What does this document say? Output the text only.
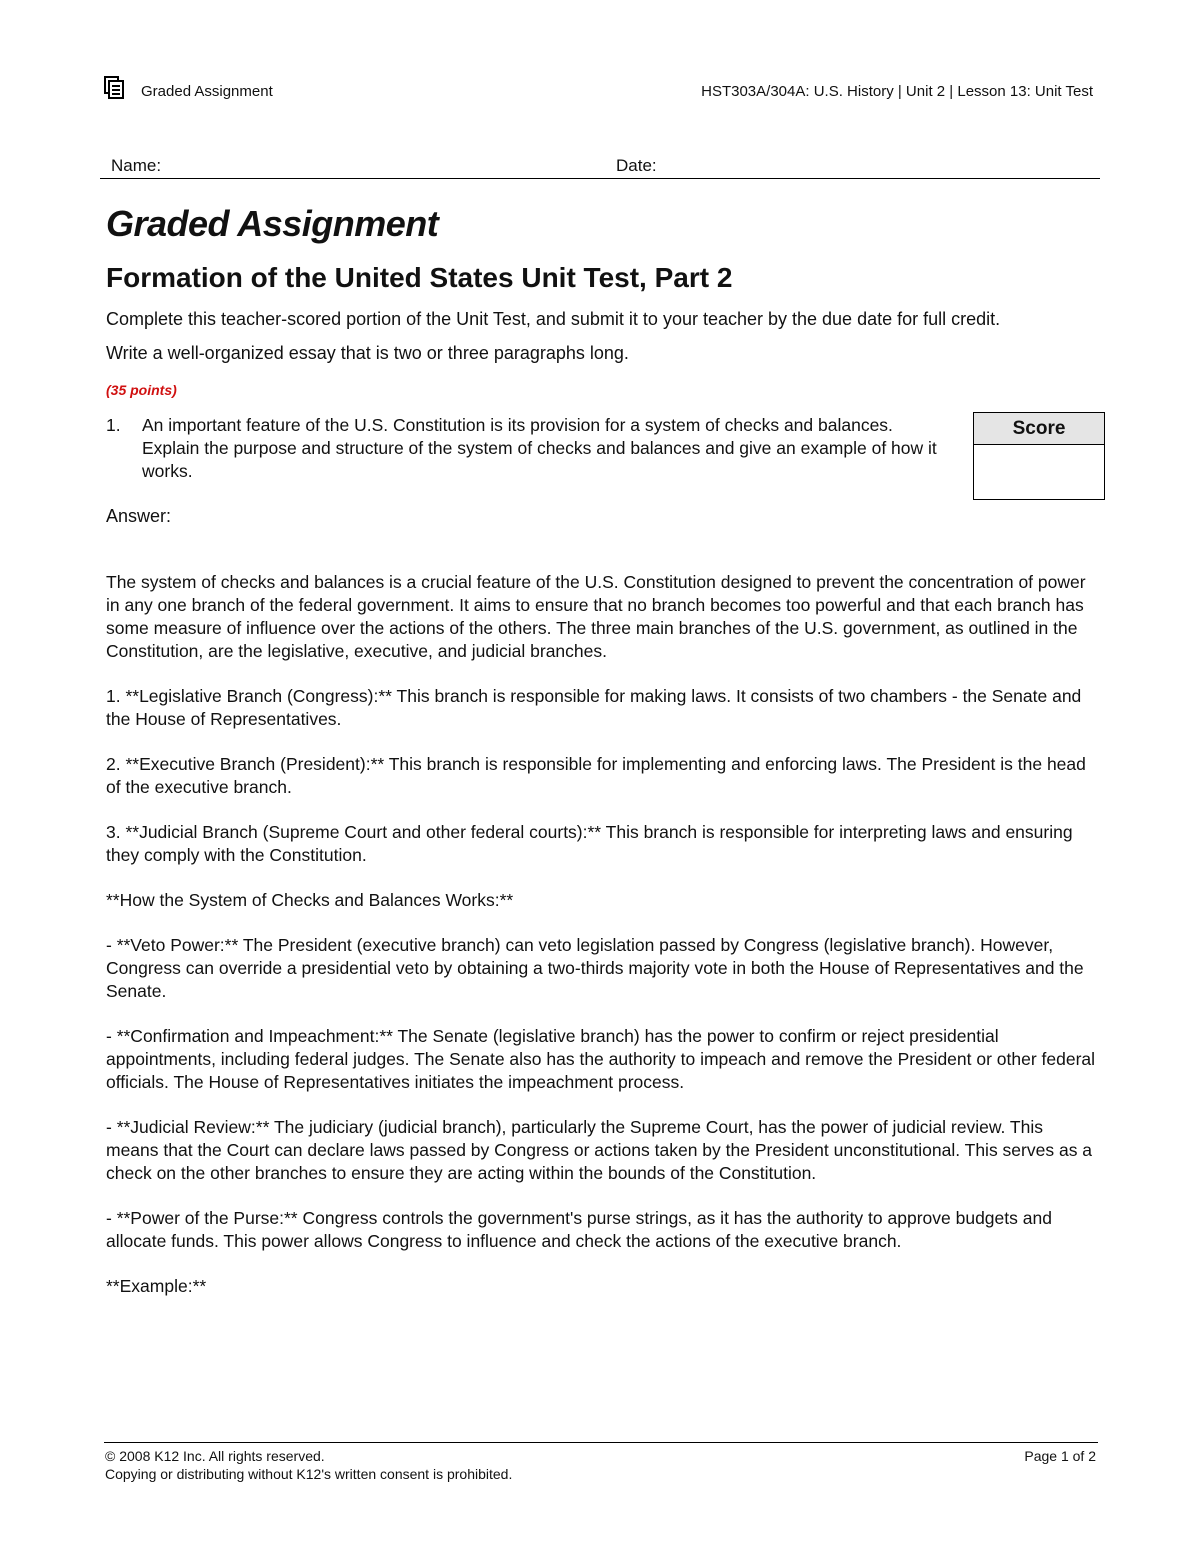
Graded Assignment	HST303A/304A: U.S. History | Unit 2 | Lesson 13: Unit Test
Name:	Date:
Graded Assignment
Formation of the United States Unit Test, Part 2

Complete this teacher-scored portion of the Unit Test, and submit it to your teacher by the due date for full credit.

Write a well-organized essay that is two or three paragraphs long.

(35 points)
1. An important feature of the U.S. Constitution is its provision for a system of checks and balances. Explain the purpose and structure of the system of checks and balances and give an example of how it works.
Score
Answer:

The system of checks and balances is a crucial feature of the U.S. Constitution designed to prevent the concentration of power in any one branch of the federal government. It aims to ensure that no branch becomes too powerful and that each branch has some measure of influence over the actions of the others. The three main branches of the U.S. government, as outlined in the Constitution, are the legislative, executive, and judicial branches.

1. **Legislative Branch (Congress):** This branch is responsible for making laws. It consists of two chambers - the Senate and the House of Representatives.

2. **Executive Branch (President):** This branch is responsible for implementing and enforcing laws. The President is the head of the executive branch.

3. **Judicial Branch (Supreme Court and other federal courts):** This branch is responsible for interpreting laws and ensuring they comply with the Constitution.

**How the System of Checks and Balances Works:**

- **Veto Power:** The President (executive branch) can veto legislation passed by Congress (legislative branch). However, Congress can override a presidential veto by obtaining a two-thirds majority vote in both the House of Representatives and the Senate.

- **Confirmation and Impeachment:** The Senate (legislative branch) has the power to confirm or reject presidential appointments, including federal judges. The Senate also has the authority to impeach and remove the President or other federal officials. The House of Representatives initiates the impeachment process.

- **Judicial Review:** The judiciary (judicial branch), particularly the Supreme Court, has the power of judicial review. This means that the Court can declare laws passed by Congress or actions taken by the President unconstitutional. This serves as a check on the other branches to ensure they are acting within the bounds of the Constitution.

- **Power of the Purse:** Congress controls the government's purse strings, as it has the authority to approve budgets and allocate funds. This power allows Congress to influence and check the actions of the executive branch.

**Example:**

© 2008 K12 Inc. All rights reserved.
Copying or distributing without K12's written consent is prohibited.
Page 1 of 2
